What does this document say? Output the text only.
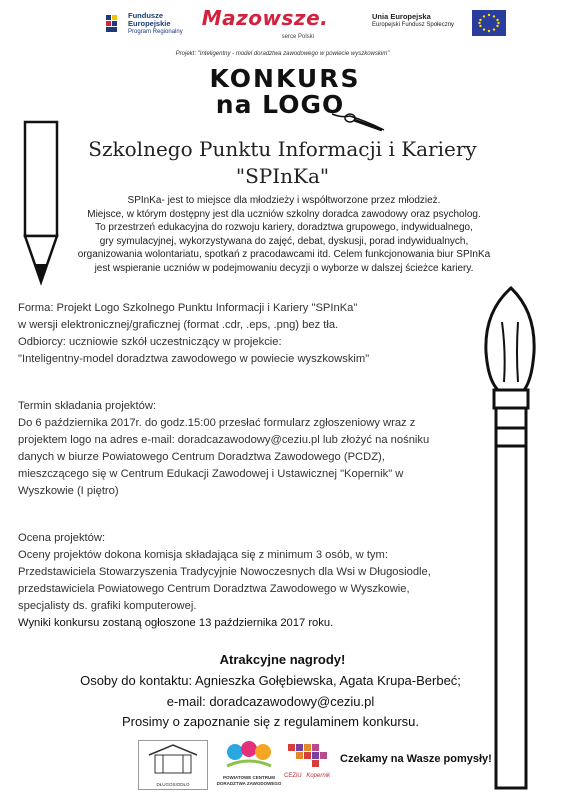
Fundusze
Europejskie
Program Regionalny
Mazowsze.
serce Polski
Unia Europejska
Europejski Fundusz Społeczny
Projekt: "Inteligentny - model doradztwa zawodowego w powiecie wyszkowskim"
KONKURS
na LOGO
Szkolnego Punktu Informacji i Kariery
"SPInKa"
SPInKa- jest to miejsce dla młodzieży i współtworzone przez młodzież.
Miejsce, w którym dostępny jest dla uczniów szkolny doradca zawodowy oraz psycholog.
To przestrzeń edukacyjna do rozwoju kariery, doradztwa grupowego, indywidualnego,
gry symulacyjnej, wykorzystywana do zajęć, debat, dyskusji, porad indywidualnych,
organizowania wolontariatu, spotkań z pracodawcami itd. Celem funkcjonowania biur SPInKa
jest wspieranie uczniów w podejmowaniu decyzji o wyborze w dalszej ścieżce kariery.

Forma: Projekt Logo Szkolnego Punktu Informacji i Kariery "SPInKa"

w wersji elektronicznej/graficznej (format .cdr, .eps, .png) bez tła.

Odbiorcy: uczniowie szkół uczestniczący w projekcie:

"Inteligentny-model doradztwa zawodowego w powiecie wyszkowskim"

Termin składania projektów:

Do 6 października 2017r. do godz.15:00 przesłać formularz zgłoszeniowy wraz z

projektem logo na adres e-mail: doradcazawodowy@ceziu.pl lub złożyć na nośniku

danych w biurze Powiatowego Centrum Doradztwa Zawodowego (PCDZ),

mieszczącego się w Centrum Edukacji Zawodowej i Ustawicznej "Kopernik" w

Wyszkowie (I piętro)

Ocena projektów:

Oceny projektów dokona komisja składająca się z minimum 3 osób, w tym:

Przedstawiciela Stowarzyszenia Tradycyjnie Nowoczesnych dla Wsi w Długosiodle,

przedstawiciela Powiatowego Centrum Doradztwa Zawodowego w Wyszkowie,

specjalisty ds. grafiki komputerowej.

Wyniki konkursu zostaną ogłoszone 13 października 2017 roku.

Atrakcyjne nagrody!
Osoby do kontaktu: Agnieszka Gołębiewska, Agata Krupa-Berbeć;
e-mail: doradcazawodowy@ceziu.pl
Prosimy o zapoznanie się z regulaminem konkursu.
DŁUGOSIODŁO
POWIATOWE CENTRUM
DORADZTWA ZAWODOWEGO
CEZiU Kopernik
Czekamy na Wasze pomysły!
